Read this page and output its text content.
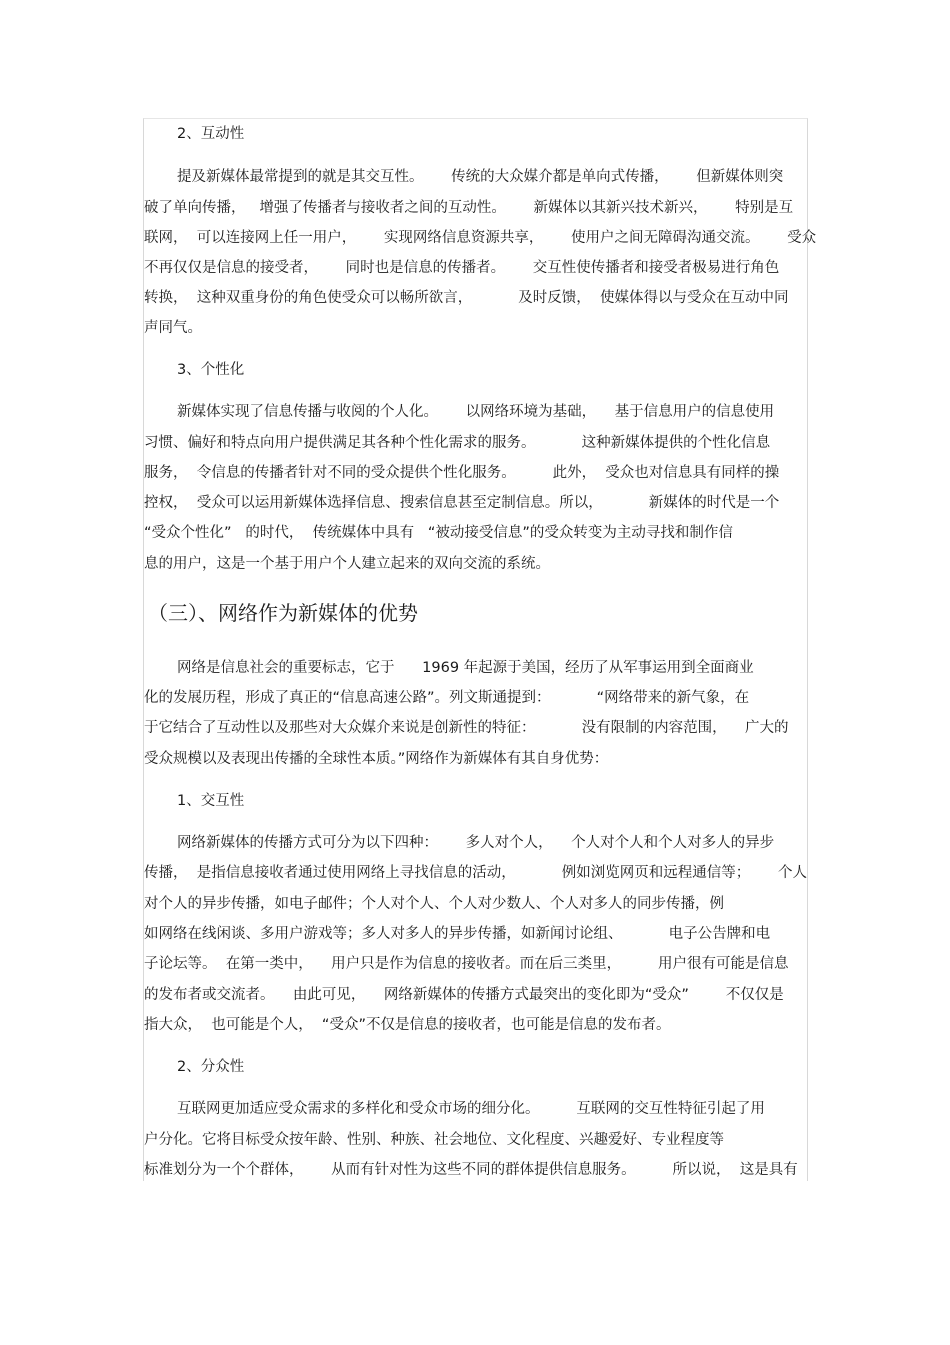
2、互动性
提及新媒体最常提到的就是其交互性。      传统的大众媒介都是单向式传播，      但新媒体则突
破了单向传播，   增强了传播者与接收者之间的互动性。      新媒体以其新兴技术新兴，      特别是互
联网，  可以连接网上任一用户，      实现网络信息资源共享，      使用户之间无障碍沟通交流。      受众
不再仅仅是信息的接受者，      同时也是信息的传播者。      交互性使传播者和接受者极易进行角色
转换，  这种双重身份的角色使受众可以畅所欲言，          及时反馈，  使媒体得以与受众在互动中同
声同气。
3、个性化
新媒体实现了信息传播与收阅的个人化。      以网络环境为基础，    基于信息用户的信息使用
习惯、偏好和特点向用户提供满足其各种个性化需求的服务。          这种新媒体提供的个性化信息
服务，  令信息的传播者针对不同的受众提供个性化服务。        此外，  受众也对信息具有同样的操
控权，  受众可以运用新媒体选择信息、搜索信息甚至定制信息。所以，          新媒体的时代是一个
“受众个性化”   的时代，  传统媒体中具有   “被动接受信息”的受众转变为主动寻找和制作信
息的用户，这是一个基于用户个人建立起来的双向交流的系统。
（三）、网络作为新媒体的优势
网络是信息社会的重要标志，它于      1969 年起源于美国，经历了从军事运用到全面商业
化的发展历程，形成了真正的“信息高速公路”。列文斯通提到：          “网络带来的新气象，在
于它结合了互动性以及那些对大众媒介来说是创新性的特征：          没有限制的内容范围，    广大的
受众规模以及表现出传播的全球性本质。”网络作为新媒体有其自身优势：
1、交互性
网络新媒体的传播方式可分为以下四种：      多人对个人，    个人对个人和个人对多人的异步
传播，  是指信息接收者通过使用网络上寻找信息的活动，          例如浏览网页和远程通信等；      个人
对个人的异步传播，如电子邮件；个人对个人、个人对少数人、个人对多人的同步传播，例
如网络在线闲谈、多用户游戏等；多人对多人的异步传播，如新闻讨论组、          电子公告牌和电
子论坛等。  在第一类中，    用户只是作为信息的接收者。而在后三类里，        用户很有可能是信息
的发布者或交流者。    由此可见，    网络新媒体的传播方式最突出的变化即为“受众”        不仅仅是
指大众，  也可能是个人，  “受众”不仅是信息的接收者，也可能是信息的发布者。
2、分众性
互联网更加适应受众需求的多样化和受众市场的细分化。        互联网的交互性特征引起了用
户分化。它将目标受众按年龄、性别、种族、社会地位、文化程度、兴趣爱好、专业程度等
标准划分为一个个群体，      从而有针对性为这些不同的群体提供信息服务。        所以说，  这是具有
